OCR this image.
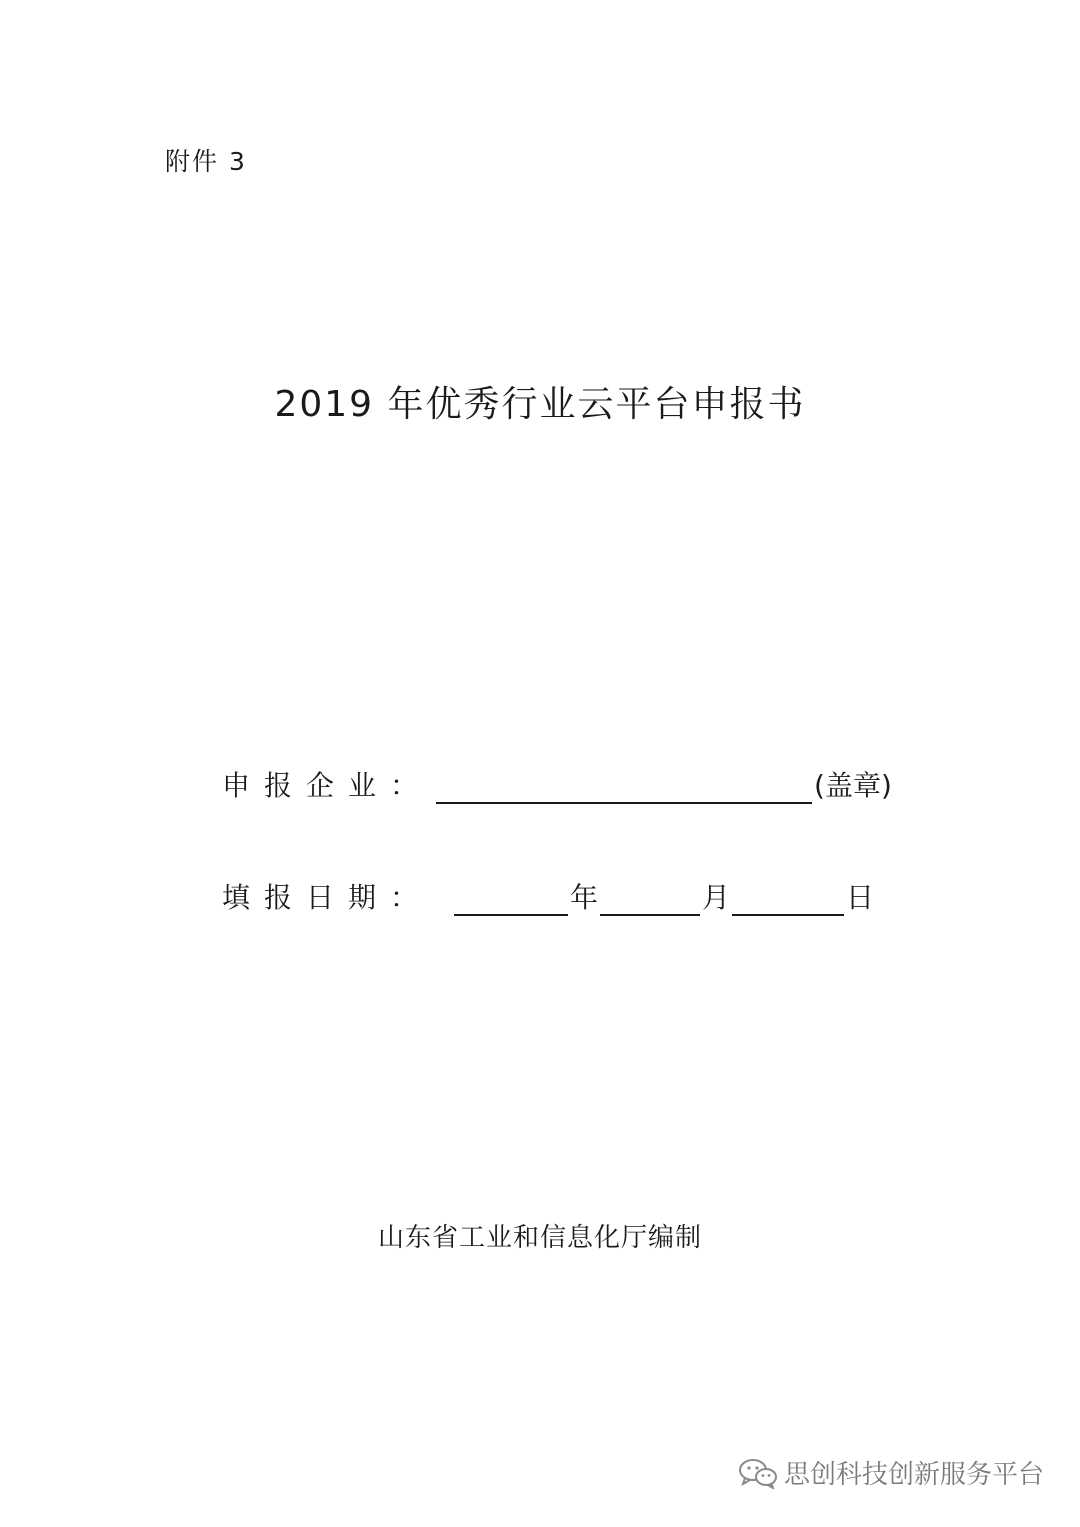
附件 3
2019 年优秀行业云平台申报书
申报企业：	(盖章)
填报日期：	年	月	日
山东省工业和信息化厅编制
思创科技创新服务平台
